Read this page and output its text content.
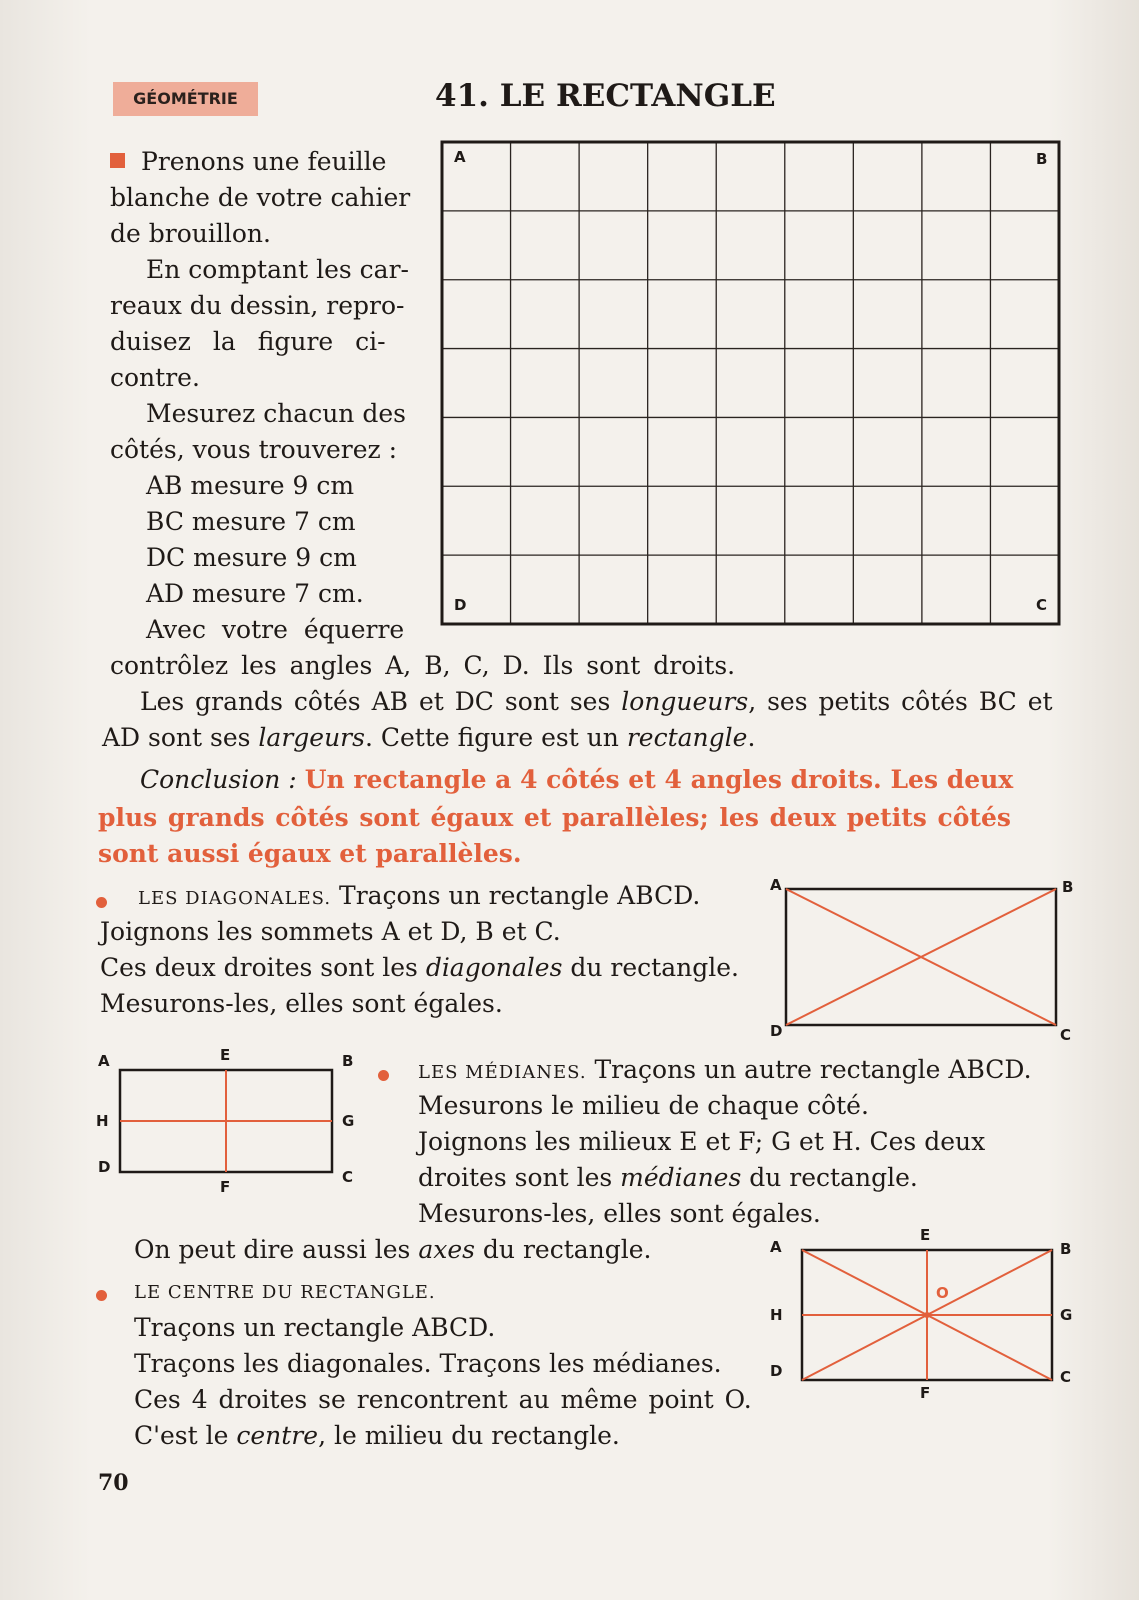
GÉOMÉTRIE	41. LE RECTANGLE
Prenons une feuille
blanche de votre cahier
de brouillon.
En comptant les car-
reaux du dessin, repro-
duisez la figure ci-
contre.
Mesurez chacun des
côtés, vous trouverez :
AB mesure 9 cm
BC mesure 7 cm
DC mesure 9 cm
AD mesure 7 cm.
Avec votre équerre
contrôlez les angles A, B, C, D. Ils sont droits.
A	B
C
D
Les grands côtés AB et DC sont ses longueurs, ses petits côtés BC et
AD sont ses largeurs. Cette figure est un rectangle.
Conclusion : Un rectangle a 4 côtés et 4 angles droits. Les deux
plus grands côtés sont égaux et parallèles; les deux petits côtés
sont aussi égaux et parallèles.
LES DIAGONALES. Traçons un rectangle ABCD.
Joignons les sommets A et D, B et C.
Ces deux droites sont les diagonales du rectangle.
Mesurons-les, elles sont égales.
A	B
C
D
A	B
C
D
E
F
G
H
LES MÉDIANES. Traçons un autre rectangle ABCD.
Mesurons le milieu de chaque côté.
Joignons les milieux E et F; G et H. Ces deux
droites sont les médianes du rectangle.
Mesurons-les, elles sont égales.
On peut dire aussi les axes du rectangle.
LE CENTRE DU RECTANGLE.
Traçons un rectangle ABCD.
Traçons les diagonales. Traçons les médianes.
Ces 4 droites se rencontrent au même point O.
C'est le centre, le milieu du rectangle.
A	B
C
D
E
F
G
H
O
70
